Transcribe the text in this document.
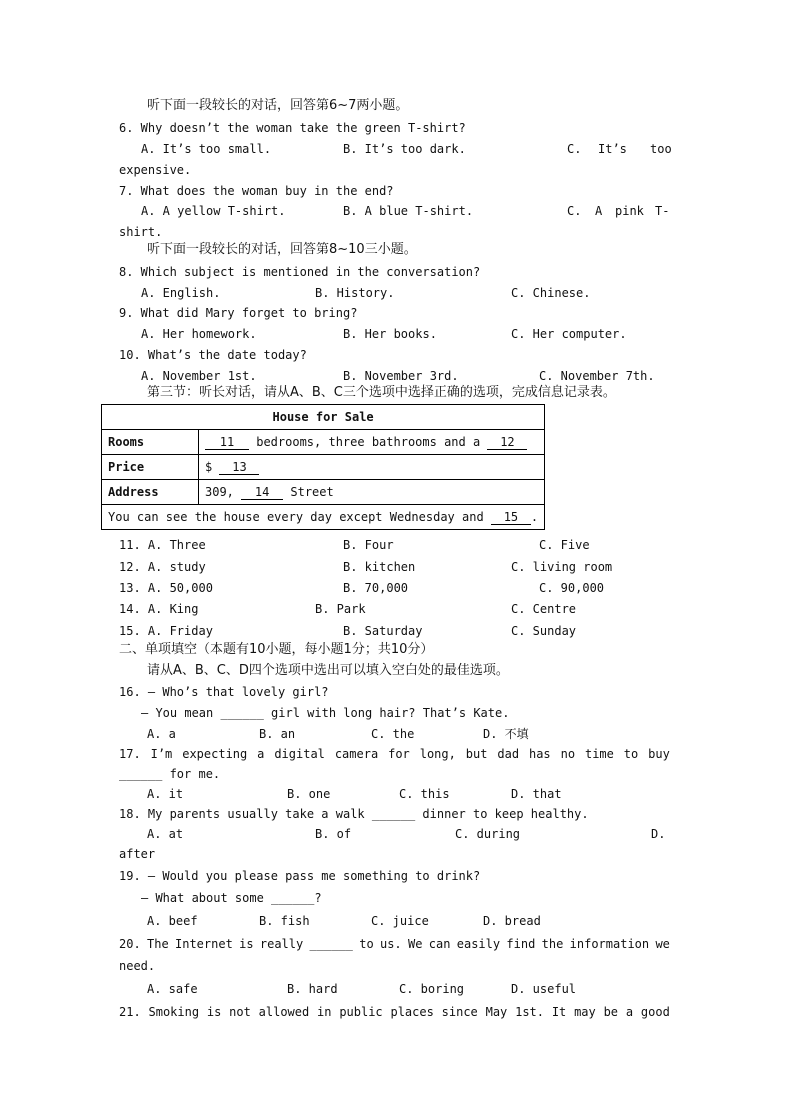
听下面一段较长的对话，回答第6~7两小题。
6. Why doesn’t the woman take the green T-shirt?
A. It’s too small.	B. It’s too dark.	C. It’s too
expensive.
7. What does the woman buy in the end?
A. A yellow T-shirt.	B. A blue T-shirt.	C. A pink T-
shirt.
听下面一段较长的对话，回答第8~10三小题。
8. Which subject is mentioned in the conversation?
A. English.	B. History.	C. Chinese.
9. What did Mary forget to bring?
A. Her homework.	B. Her books.	C. Her computer.
10. What’s the date today?
A. November 1st.	B. November 3rd.	C. November 7th.
第三节：听长对话，请从A、B、C三个选项中选择正确的选项，完成信息记录表。
House for Sale	
Rooms	11 bedrooms, three bathrooms and a 12
Price	$ 13
Address	309, 14 Street
You can see the house every day except Wednesday and 15 .	
11. A. Three	B. Four	C. Five
12. A. study	B. kitchen	C. living room
13. A. 50,000	B. 70,000	C. 90,000
14. A. King	B. Park	C. Centre
15. A. Friday	B. Saturday	C. Sunday
二、单项填空（本题有10小题，每小题1分；共10分）
请从A、B、C、D四个选项中选出可以填入空白处的最佳选项。
16. — Who’s that lovely girl?
— You mean ______ girl with long hair? That’s Kate.
A. a	B. an	C. the	D. 不填
17. I’m expecting a digital camera for long, but dad has no time to buy
______ for me.
A. it	B. one	C. this	D. that
18. My parents usually take a walk ______ dinner to keep healthy.
A. at	B. of	C. during	D.
after
19. — Would you please pass me something to drink?
— What about some ______?
A. beef	B. fish	C. juice	D. bread
20. The Internet is really ______ to us. We can easily find the information we
need.
A. safe	B. hard	C. boring	D. useful
21. Smoking is not allowed in public places since May 1st. It may be a good
